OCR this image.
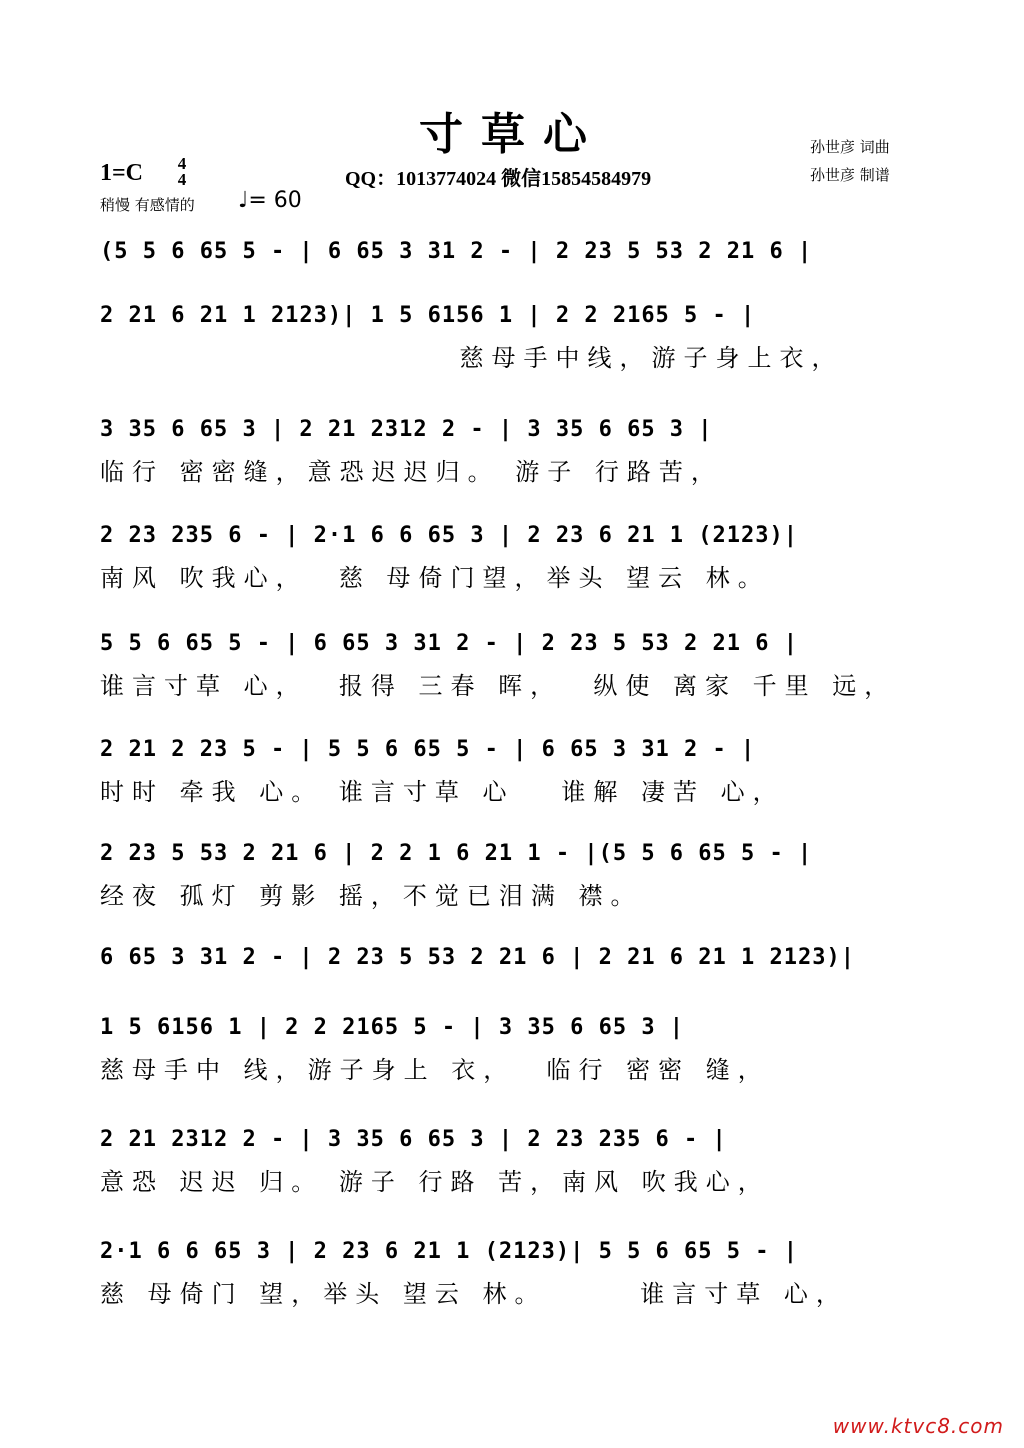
寸草心	孙世彦 词曲
孙世彦 制谱
1=C	4
4	QQ：1013774024 微信15854584979
稍慢 有感情的 ♩= 60
(5 5 6 65 5 - | 6 65 3 31 2 - | 2 23 5 53 2 21 6 |
2 21 6 21 1 2123)| 1 5 6156 1 | 2 2 2165 5 - |
慈母手中线，游子身上衣，
3 35 6 65 3 | 2 21 2312 2 - | 3 35 6 65 3 |
临行 密密缝，意恐迟迟归。 游子 行路苦，
2 23 235 6 - | 2·1 6 6 65 3 | 2 23 6 21 1 (2123)|
南风 吹我心，  慈 母倚门望，举头 望云 林。
5 5 6 65 5 - | 6 65 3 31 2 - | 2 23 5 53 2 21 6 |
谁言寸草 心，  报得 三春 晖，  纵使 离家 千里 远，
2 21 2 23 5 - | 5 5 6 65 5 - | 6 65 3 31 2 - |
时时 牵我 心。 谁言寸草 心   谁解 凄苦 心，
2 23 5 53 2 21 6 | 2 2 1 6 21 1 - |(5 5 6 65 5 - |
经夜 孤灯 剪影 摇，不觉已泪满 襟。
6 65 3 31 2 - | 2 23 5 53 2 21 6 | 2 21 6 21 1 2123)|
1 5 6156 1 | 2 2 2165 5 - | 3 35 6 65 3 |
慈母手中 线，游子身上 衣，  临行 密密 缝，
2 21 2312 2 - | 3 35 6 65 3 | 2 23 235 6 - |
意恐 迟迟 归。 游子 行路 苦，南风 吹我心，
2·1 6 6 65 3 | 2 23 6 21 1 (2123)| 5 5 6 65 5 - |
慈 母倚门 望，举头 望云 林。      谁言寸草 心，
www.ktvc8.com
